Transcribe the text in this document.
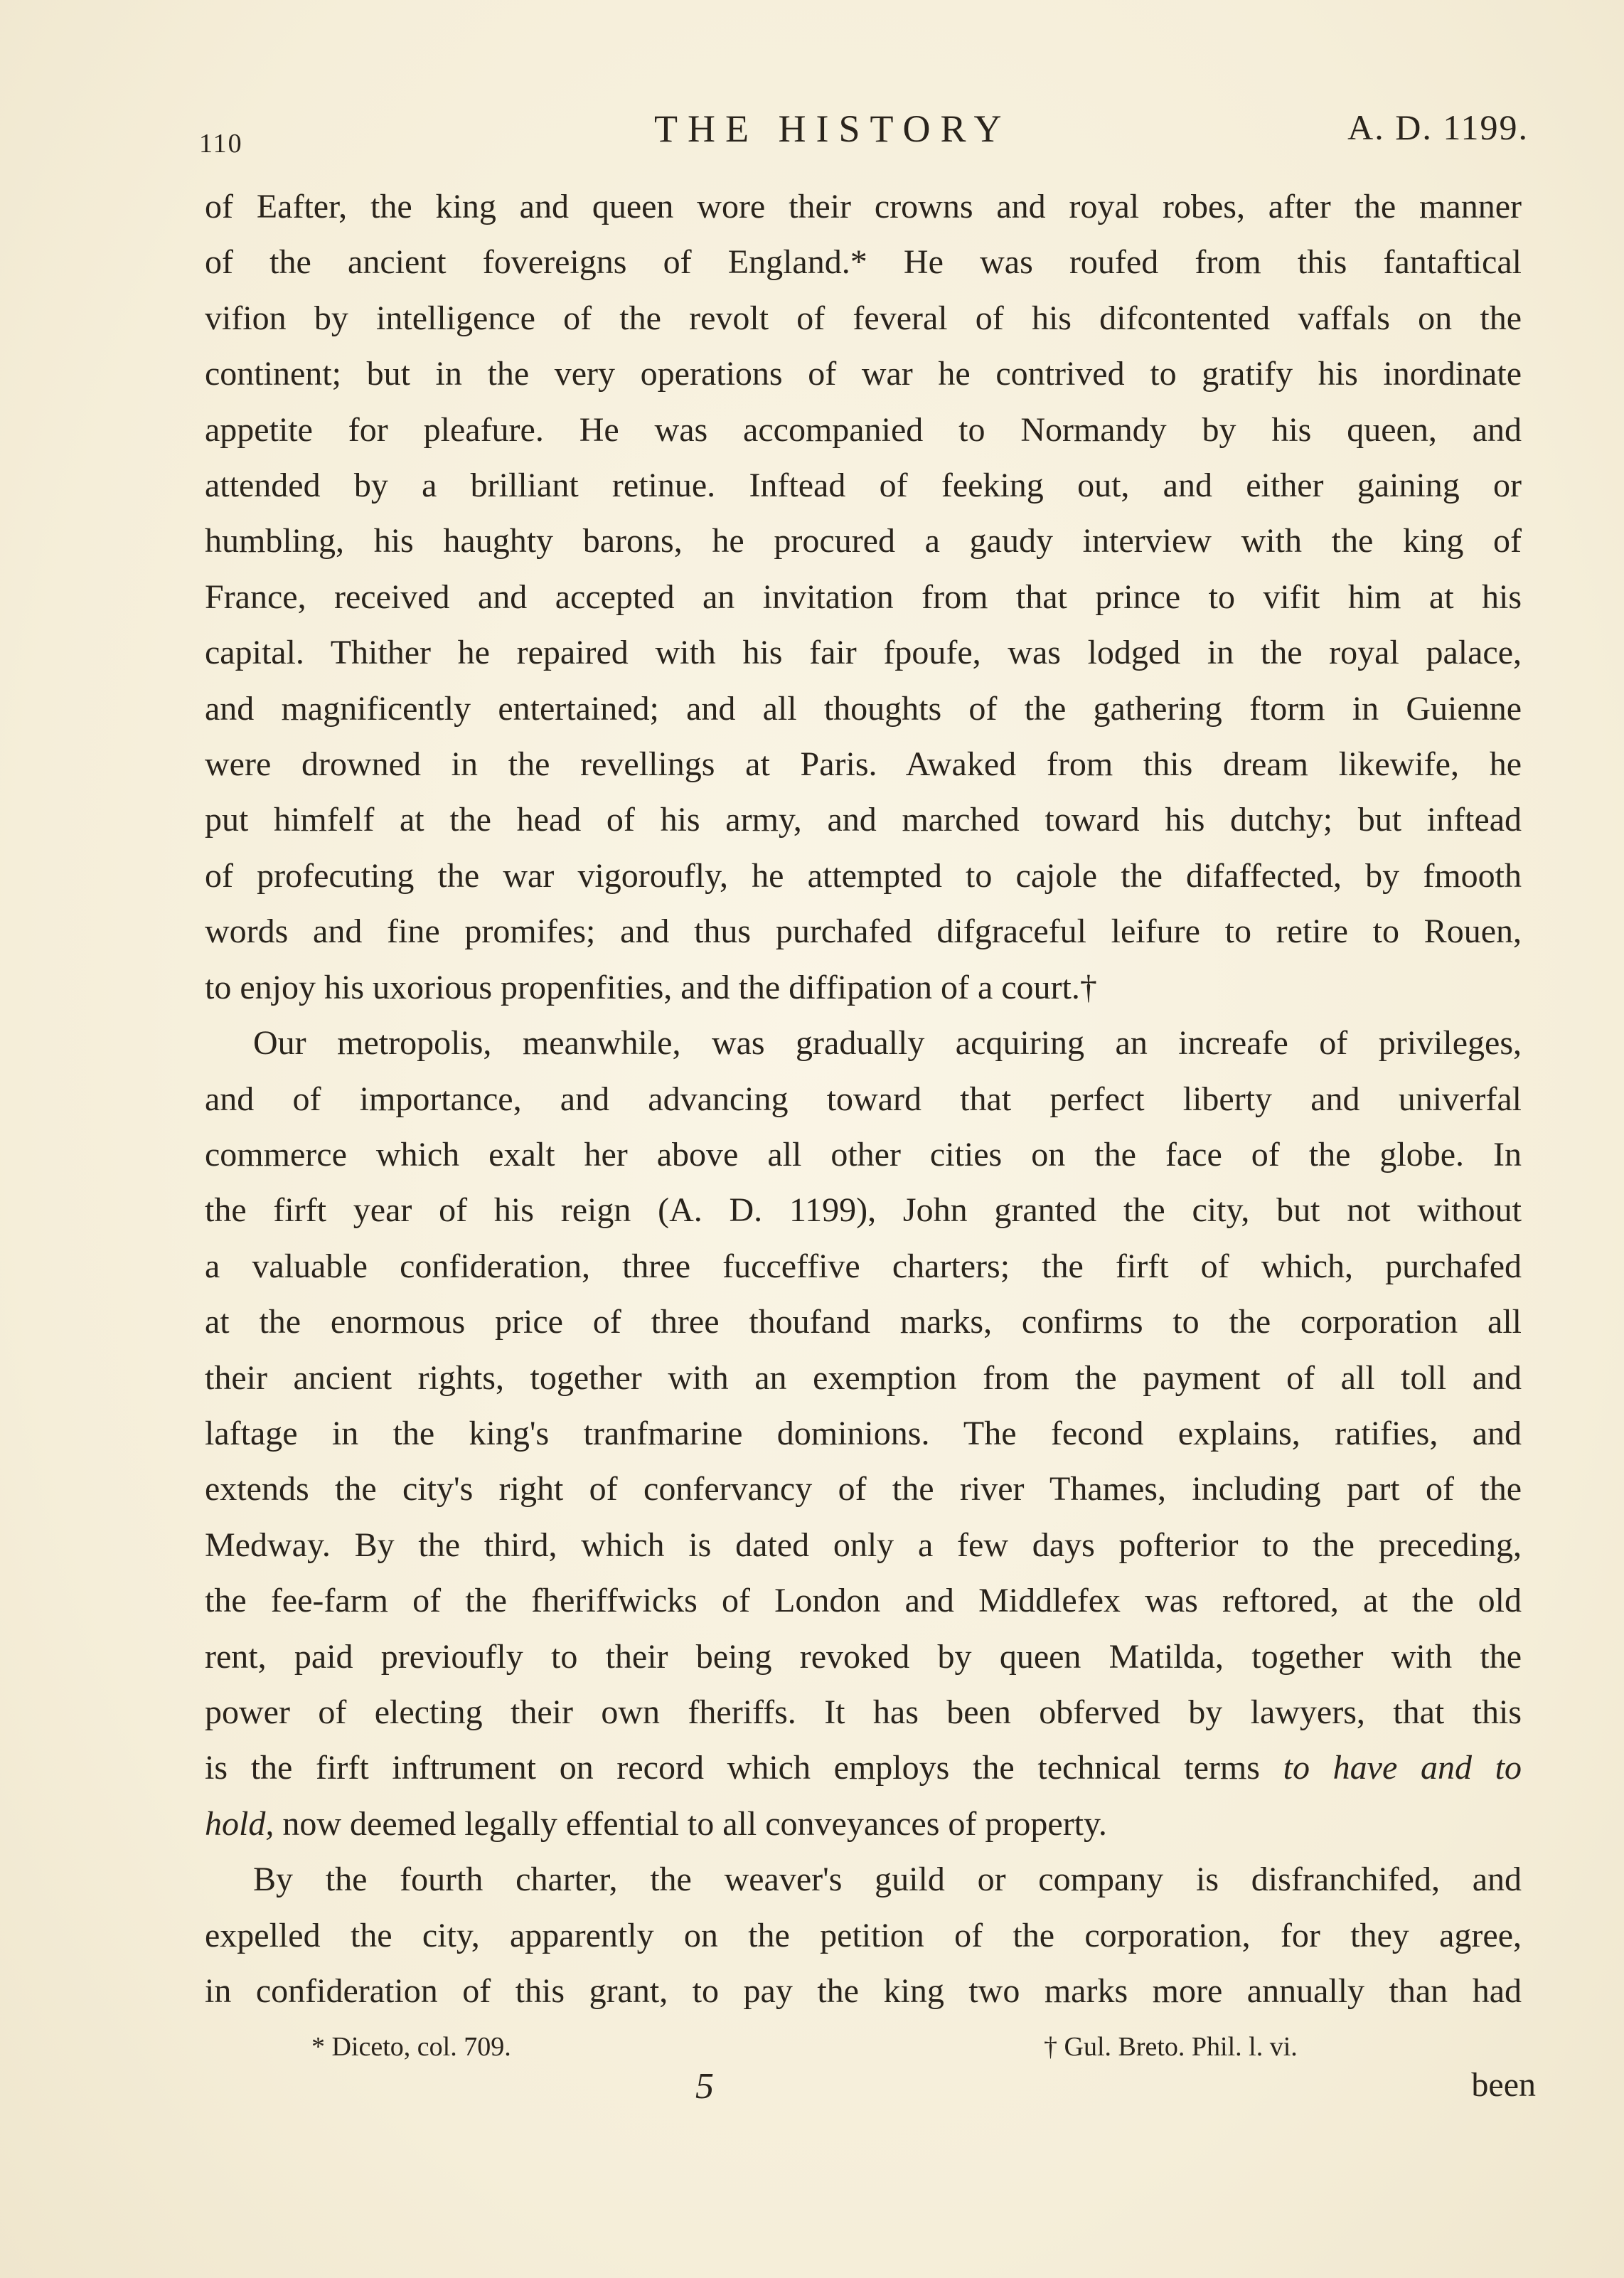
110	THE HISTORY	A. D. 1199.
of Eafter, the king and queen wore their crowns and royal robes, after the manner
of the ancient fovereigns of England.* He was roufed from this fantaftical
vifion by intelligence of the revolt of feveral of his difcontented vaffals on the
continent; but in the very operations of war he contrived to gratify his inordinate
appetite for pleafure. He was accompanied to Normandy by his queen, and
attended by a brilliant retinue. Inftead of feeking out, and either gaining or
humbling, his haughty barons, he procured a gaudy interview with the king of
France, received and accepted an invitation from that prince to vifit him at his
capital. Thither he repaired with his fair fpoufe, was lodged in the royal palace,
and magnificently entertained; and all thoughts of the gathering ftorm in Guienne
were drowned in the revellings at Paris. Awaked from this dream likewife, he
put himfelf at the head of his army, and marched toward his dutchy; but inftead
of profecuting the war vigoroufly, he attempted to cajole the difaffected, by fmooth
words and fine promifes; and thus purchafed difgraceful leifure to retire to Rouen,
to enjoy his uxorious propenfities, and the diffipation of a court.†
Our metropolis, meanwhile, was gradually acquiring an increafe of privileges,
and of importance, and advancing toward that perfect liberty and univerfal
commerce which exalt her above all other cities on the face of the globe. In
the firft year of his reign (A. D. 1199), John granted the city, but not without
a valuable confideration, three fucceffive charters; the firft of which, purchafed
at the enormous price of three thoufand marks, confirms to the corporation all
their ancient rights, together with an exemption from the payment of all toll and
laftage in the king's tranfmarine dominions. The fecond explains, ratifies, and
extends the city's right of confervancy of the river Thames, including part of the
Medway. By the third, which is dated only a few days pofterior to the preceding,
the fee-farm of the fheriffwicks of London and Middlefex was reftored, at the old
rent, paid previoufly to their being revoked by queen Matilda, together with the
power of electing their own fheriffs. It has been obferved by lawyers, that this
is the firft inftrument on record which employs the technical terms to have and to
hold, now deemed legally effential to all conveyances of property.
By the fourth charter, the weaver's guild or company is disfranchifed, and
expelled the city, apparently on the petition of the corporation, for they agree,
in confideration of this grant, to pay the king two marks more annually than had
* Diceto, col. 709.	† Gul. Breto. Phil. l. vi.
5	been
